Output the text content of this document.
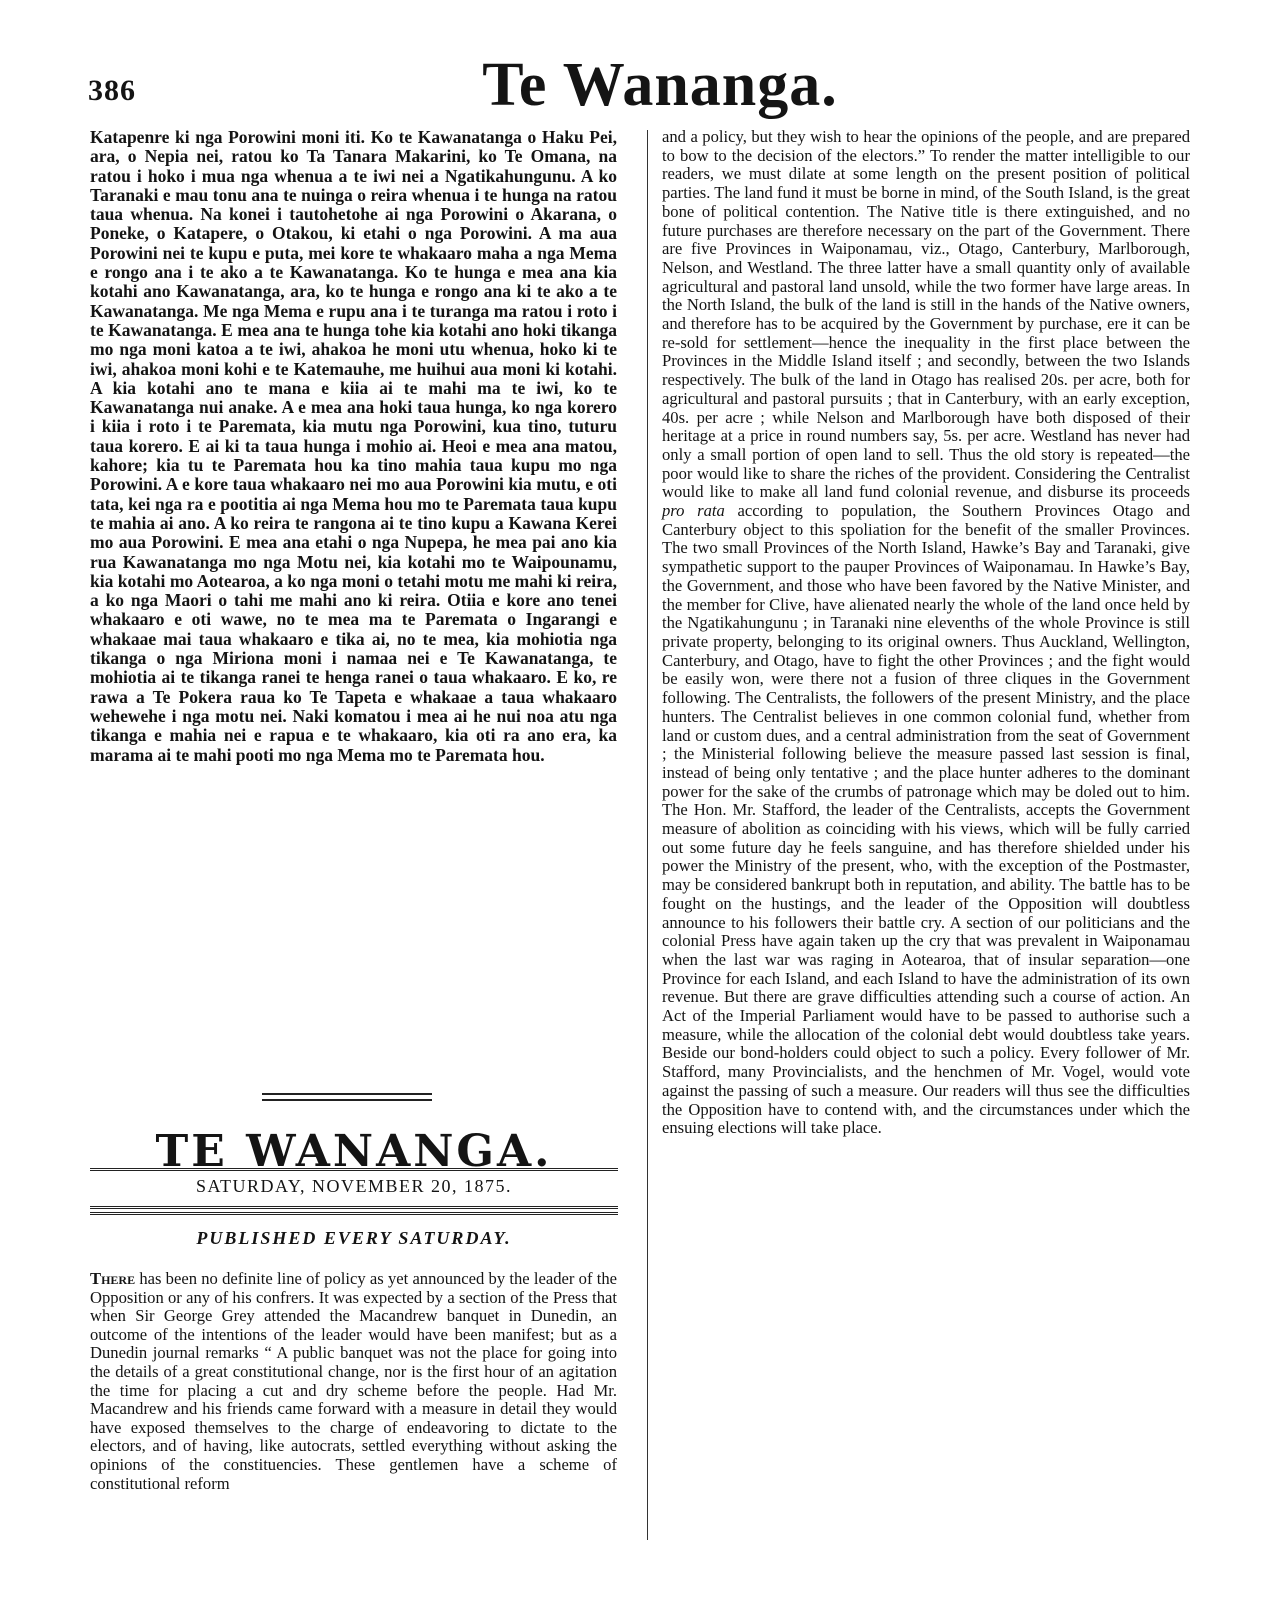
386	Te Wananga.

Katapenre ki nga Porowini moni iti. Ko te Kawanatanga o Haku Pei, ara, o Nepia nei, ratou ko Ta Tanara Makarini, ko Te Omana, na ratou i hoko i mua nga whenua a te iwi nei a Ngatikahungunu. A ko Taranaki e mau tonu ana te nuinga o reira whenua i te hunga na ratou taua whenua. Na konei i tautohetohe ai nga Porowini o Akarana, o Poneke, o Katapere, o Otakou, ki etahi o nga Porowini. A ma aua Porowini nei te kupu e puta, mei kore te whakaaro maha a nga Mema e rongo ana i te ako a te Kawanatanga. Ko te hunga e mea ana kia kotahi ano Kawanatanga, ara, ko te hunga e rongo ana ki te ako a te Kawanatanga. Me nga Mema e rupu ana i te turanga ma ratou i roto i te Kawanatanga. E mea ana te hunga tohe kia kotahi ano hoki tikanga mo nga moni katoa a te iwi, ahakoa he moni utu whenua, hoko ki te iwi, ahakoa moni kohi e te Katemauhe, me huihui aua moni ki kotahi. A kia kotahi ano te mana e kiia ai te mahi ma te iwi, ko te Kawanatanga nui anake. A e mea ana hoki taua hunga, ko nga korero i kiia i roto i te Paremata, kia mutu nga Porowini, kua tino, tuturu taua korero. E ai ki ta taua hunga i mohio ai. Heoi e mea ana matou, kahore; kia tu te Paremata hou ka tino mahia taua kupu mo nga Porowini. A e kore taua whakaaro nei mo aua Porowini kia mutu, e oti tata, kei nga ra e pootitia ai nga Mema hou mo te Paremata taua kupu te mahia ai ano. A ko reira te rangona ai te tino kupu a Kawana Kerei mo aua Porowini. E mea ana etahi o nga Nupepa, he mea pai ano kia rua Kawanatanga mo nga Motu nei, kia kotahi mo te Waipounamu, kia kotahi mo Aotearoa, a ko nga moni o tetahi motu me mahi ki reira, a ko nga Maori o tahi me mahi ano ki reira. Otiia e kore ano tenei whakaaro e oti wawe, no te mea ma te Paremata o Ingarangi e whakaae mai taua whakaaro e tika ai, no te mea, kia mohiotia nga tikanga o nga Miriona moni i namaa nei e Te Kawanatanga, te mohiotia ai te tikanga ranei te henga ranei o taua whakaaro. E ko, re rawa a Te Pokera raua ko Te Tapeta e whakaae a taua whakaaro wehewehe i nga motu nei. Naki komatou i mea ai he nui noa atu nga tikanga e mahia nei e rapua e te whakaaro, kia oti ra ano era, ka marama ai te mahi pooti mo nga Mema mo te Paremata hou.

TE WANANGA.
SATURDAY, NOVEMBER 20, 1875.
PUBLISHED EVERY SATURDAY.

There has been no definite line of policy as yet announced by the leader of the Opposition or any of his confrers. It was expected by a section of the Press that when Sir George Grey attended the Macandrew banquet in Dunedin, an outcome of the intentions of the leader would have been manifest; but as a Dunedin journal remarks “ A public banquet was not the place for going into the details of a great constitutional change, nor is the first hour of an agitation the time for placing a cut and dry scheme before the people. Had Mr. Macandrew and his friends came forward with a measure in detail they would have exposed themselves to the charge of endeavoring to dictate to the electors, and of having, like autocrats, settled everything without asking the opinions of the constituencies. These gentlemen have a scheme of constitutional reform

and a policy, but they wish to hear the opinions of the people, and are prepared to bow to the decision of the electors.” To render the matter intelligible to our readers, we must dilate at some length on the present position of political parties. The land fund it must be borne in mind, of the South Island, is the great bone of political contention. The Native title is there extinguished, and no future purchases are therefore necessary on the part of the Government. There are five Provinces in Waiponamau, viz., Otago, Canterbury, Marlborough, Nelson, and Westland. The three latter have a small quantity only of available agricultural and pastoral land unsold, while the two former have large areas. In the North Island, the bulk of the land is still in the hands of the Native owners, and therefore has to be acquired by the Government by purchase, ere it can be re-sold for settlement—hence the inequality in the first place between the Provinces in the Middle Island itself ; and secondly, between the two Islands respectively. The bulk of the land in Otago has realised 20s. per acre, both for agricultural and pastoral pursuits ; that in Canterbury, with an early exception, 40s. per acre ; while Nelson and Marlborough have both disposed of their heritage at a price in round numbers say, 5s. per acre. Westland has never had only a small portion of open land to sell. Thus the old story is repeated—the poor would like to share the riches of the provident. Considering the Centralist would like to make all land fund colonial revenue, and disburse its proceeds pro rata according to population, the Southern Provinces Otago and Canterbury object to this spoliation for the benefit of the smaller Provinces. The two small Provinces of the North Island, Hawke’s Bay and Taranaki, give sympathetic support to the pauper Provinces of Waiponamau. In Hawke’s Bay, the Government, and those who have been favored by the Native Minister, and the member for Clive, have alienated nearly the whole of the land once held by the Ngatikahungunu ; in Taranaki nine elevenths of the whole Province is still private property, belonging to its original owners. Thus Auckland, Wellington, Canterbury, and Otago, have to fight the other Provinces ; and the fight would be easily won, were there not a fusion of three cliques in the Government following. The Centralists, the followers of the present Ministry, and the place hunters. The Centralist believes in one common colonial fund, whether from land or custom dues, and a central administration from the seat of Government ; the Ministerial following believe the measure passed last session is final, instead of being only tentative ; and the place hunter adheres to the dominant power for the sake of the crumbs of patronage which may be doled out to him. The Hon. Mr. Stafford, the leader of the Centralists, accepts the Government measure of abolition as coinciding with his views, which will be fully carried out some future day he feels sanguine, and has therefore shielded under his power the Ministry of the present, who, with the exception of the Postmaster, may be considered bankrupt both in reputation, and ability. The battle has to be fought on the hustings, and the leader of the Opposition will doubtless announce to his followers their battle cry. A section of our politicians and the colonial Press have again taken up the cry that was prevalent in Waiponamau when the last war was raging in Aotearoa, that of insular separation—one Province for each Island, and each Island to have the administration of its own revenue. But there are grave difficulties attending such a course of action. An Act of the Imperial Parliament would have to be passed to authorise such a measure, while the allocation of the colonial debt would doubtless take years. Beside our bond-holders could object to such a policy. Every follower of Mr. Stafford, many Provincialists, and the henchmen of Mr. Vogel, would vote against the passing of such a measure. Our readers will thus see the difficulties the Opposition have to contend with, and the circumstances under which the ensuing elections will take place.
